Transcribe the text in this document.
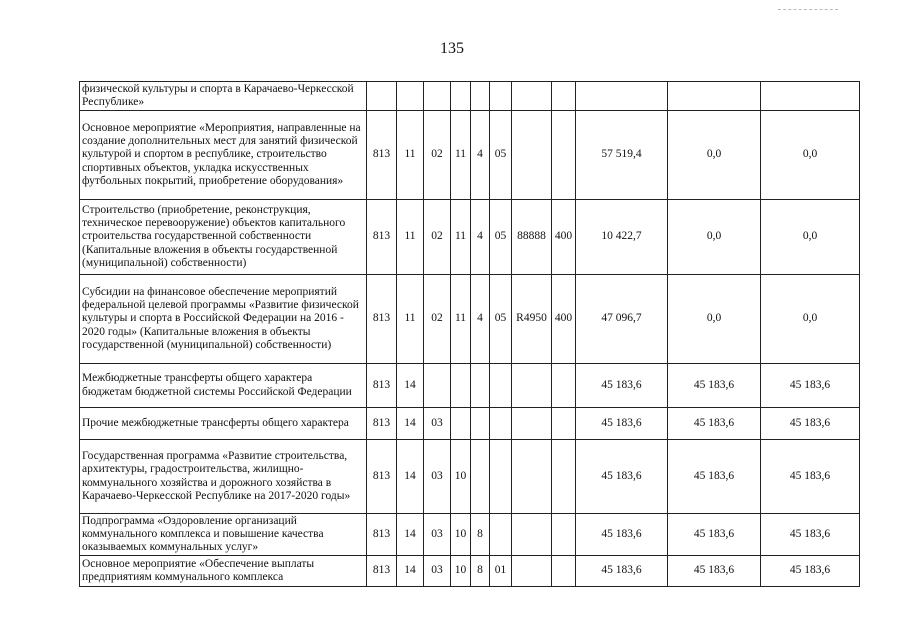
135
физической культуры и спорта в Карачаево-Черкесской Республике»											
Основное мероприятие «Мероприятия, направленные на создание дополнительных мест для занятий физической культурой и спортом в республике, строительство спортивных объектов, укладка искусственных футбольных покрытий, приобретение оборудования»	813	11	02	11	4	05			57 519,4	0,0	0,0
Строительство (приобретение, реконструкция, техническое перевооружение) объектов капитального строительства государственной собственности (Капитальные вложения в объекты государственной (муниципальной) собственности)	813	11	02	11	4	05	88888	400	10 422,7	0,0	0,0
Субсидии на финансовое обеспечение мероприятий федеральной целевой программы «Развитие физической культуры и спорта в Российской Федерации на 2016 - 2020 годы» (Капитальные вложения в объекты государственной (муниципальной) собственности)	813	11	02	11	4	05	R4950	400	47 096,7	0,0	0,0
Межбюджетные трансферты общего характера бюджетам бюджетной системы Российской Федерации	813	14							45 183,6	45 183,6	45 183,6
Прочие межбюджетные трансферты общего характера	813	14	03						45 183,6	45 183,6	45 183,6
Государственная программа «Развитие строительства, архитектуры, градостроительства, жилищно-коммунального хозяйства и дорожного хозяйства в Карачаево-Черкесской Республике на 2017-2020 годы»	813	14	03	10					45 183,6	45 183,6	45 183,6
Подпрограмма «Оздоровление организаций коммунального комплекса и повышение качества оказываемых коммунальных услуг»	813	14	03	10	8				45 183,6	45 183,6	45 183,6
Основное мероприятие «Обеспечение выплаты предприятиям коммунального комплекса	813	14	03	10	8	01			45 183,6	45 183,6	45 183,6
